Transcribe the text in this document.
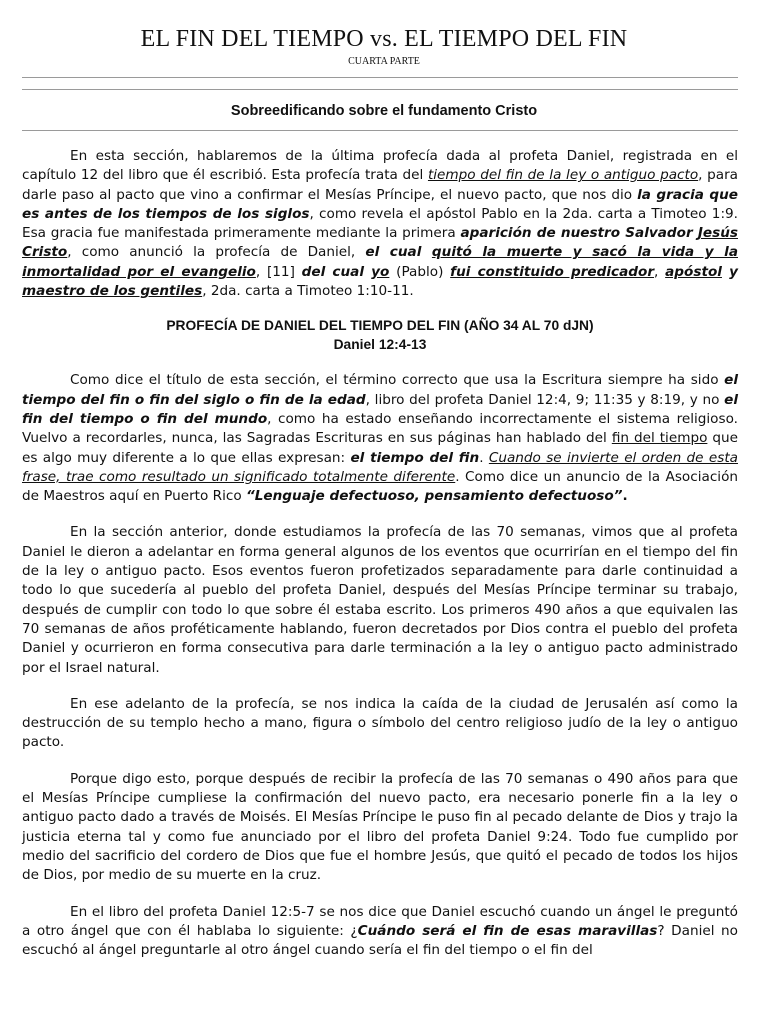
EL FIN DEL TIEMPO vs. EL TIEMPO DEL FIN
CUARTA PARTE
Sobreedificando sobre el fundamento Cristo

En esta sección, hablaremos de la última profecía dada al profeta Daniel, registrada en el capítulo 12 del libro que él escribió. Esta profecía trata del tiempo del fin de la ley o antiguo pacto, para darle paso al pacto que vino a confirmar el Mesías Príncipe, el nuevo pacto, que nos dio la gracia que es antes de los tiempos de los siglos, como revela el apóstol Pablo en la 2da. carta a Timoteo 1:9. Esa gracia fue manifestada primeramente mediante la primera aparición de nuestro Salvador Jesús Cristo, como anunció la profecía de Daniel, el cual quitó la muerte y sacó la vida y la inmortalidad por el evangelio, [11] del cual yo (Pablo) fui constituido predicador, apóstol y maestro de los gentiles, 2da. carta a Timoteo 1:10-11.

PROFECÍA DE DANIEL DEL TIEMPO DEL FIN (AÑO 34 AL 70 dJN)
Daniel 12:4-13

Como dice el título de esta sección, el término correcto que usa la Escritura siempre ha sido el tiempo del fin o fin del siglo o fin de la edad, libro del profeta Daniel 12:4, 9; 11:35 y 8:19, y no el fin del tiempo o fin del mundo, como ha estado enseñando incorrectamente el sistema religioso. Vuelvo a recordarles, nunca, las Sagradas Escrituras en sus páginas han hablado del fin del tiempo que es algo muy diferente a lo que ellas expresan: el tiempo del fin. Cuando se invierte el orden de esta frase, trae como resultado un significado totalmente diferente. Como dice un anuncio de la Asociación de Maestros aquí en Puerto Rico “Lenguaje defectuoso, pensamiento defectuoso”.

En la sección anterior, donde estudiamos la profecía de las 70 semanas, vimos que al profeta Daniel le dieron a adelantar en forma general algunos de los eventos que ocurrirían en el tiempo del fin de la ley o antiguo pacto. Esos eventos fueron profetizados separadamente para darle continuidad a todo lo que sucedería al pueblo del profeta Daniel, después del Mesías Príncipe terminar su trabajo, después de cumplir con todo lo que sobre él estaba escrito. Los primeros 490 años a que equivalen las 70 semanas de años proféticamente hablando, fueron decretados por Dios contra el pueblo del profeta Daniel y ocurrieron en forma consecutiva para darle terminación a la ley o antiguo pacto administrado por el Israel natural.

En ese adelanto de la profecía, se nos indica la caída de la ciudad de Jerusalén así como la destrucción de su templo hecho a mano, figura o símbolo del centro religioso judío de la ley o antiguo pacto.

Porque digo esto, porque después de recibir la profecía de las 70 semanas o 490 años para que el Mesías Príncipe cumpliese la confirmación del nuevo pacto, era necesario ponerle fin a la ley o antiguo pacto dado a través de Moisés. El Mesías Príncipe le puso fin al pecado delante de Dios y trajo la justicia eterna tal y como fue anunciado por el libro del profeta Daniel 9:24. Todo fue cumplido por medio del sacrificio del cordero de Dios que fue el hombre Jesús, que quitó el pecado de todos los hijos de Dios, por medio de su muerte en la cruz.

En el libro del profeta Daniel 12:5-7 se nos dice que Daniel escuchó cuando un ángel le preguntó a otro ángel que con él hablaba lo siguiente: ¿Cuándo será el fin de esas maravillas? Daniel no escuchó al ángel preguntarle al otro ángel cuando sería el fin del tiempo o el fin del
